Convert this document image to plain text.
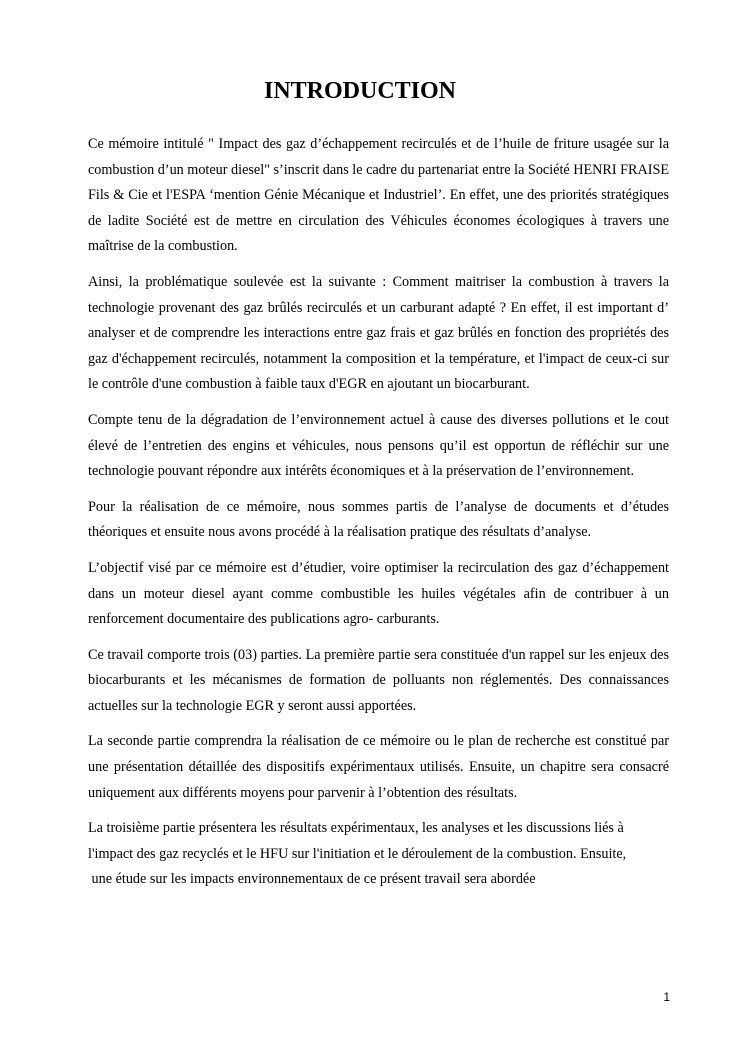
INTRODUCTION

Ce mémoire intitulé " Impact des gaz d’échappement recirculés et de l’huile de friture usagée sur la combustion d’un moteur diesel" s’inscrit dans le cadre du partenariat entre la Société HENRI FRAISE Fils & Cie et l'ESPA ‘mention Génie Mécanique et Industriel’. En effet, une des priorités stratégiques de ladite Société est de mettre en circulation des Véhicules économes écologiques à travers une maîtrise de la combustion.

Ainsi, la problématique soulevée est la suivante : Comment maitriser la combustion à travers la technologie provenant des gaz brûlés recirculés et un carburant adapté ? En effet, il est important d’ analyser et de comprendre les interactions entre gaz frais et gaz brûlés en fonction des propriétés des gaz d'échappement recirculés, notamment la composition et la température, et l'impact de ceux-ci sur le contrôle d'une combustion à faible taux d'EGR en ajoutant un biocarburant.

Compte tenu de la dégradation de l’environnement actuel à cause des diverses pollutions et le cout élevé de l’entretien des engins et véhicules, nous pensons qu’il est opportun de réfléchir sur une technologie pouvant répondre aux intérêts économiques et à la préservation de l’environnement.

Pour la réalisation de ce mémoire, nous sommes partis de l’analyse de documents et d’études théoriques et ensuite nous avons procédé à la réalisation pratique des résultats d’analyse.

L’objectif visé par ce mémoire est d’étudier, voire optimiser la recirculation des gaz d’échappement dans un moteur diesel ayant comme combustible les huiles végétales afin de contribuer à un renforcement documentaire des publications agro- carburants.

Ce travail comporte trois (03) parties. La première partie sera constituée d'un rappel sur les enjeux des biocarburants et les mécanismes de formation de polluants non réglementés. Des connaissances actuelles sur la technologie EGR y seront aussi apportées.

La seconde partie comprendra la réalisation de ce mémoire ou le plan de recherche est constitué par une présentation détaillée des dispositifs expérimentaux utilisés. Ensuite, un chapitre sera consacré uniquement aux différents moyens pour parvenir à l’obtention des résultats.

La troisième partie présentera les résultats expérimentaux, les analyses et les discussions liés à l'impact des gaz recyclés et le HFU sur l'initiation et le déroulement de la combustion. Ensuite,

une étude sur les impacts environnementaux de ce présent travail sera abordée

1
